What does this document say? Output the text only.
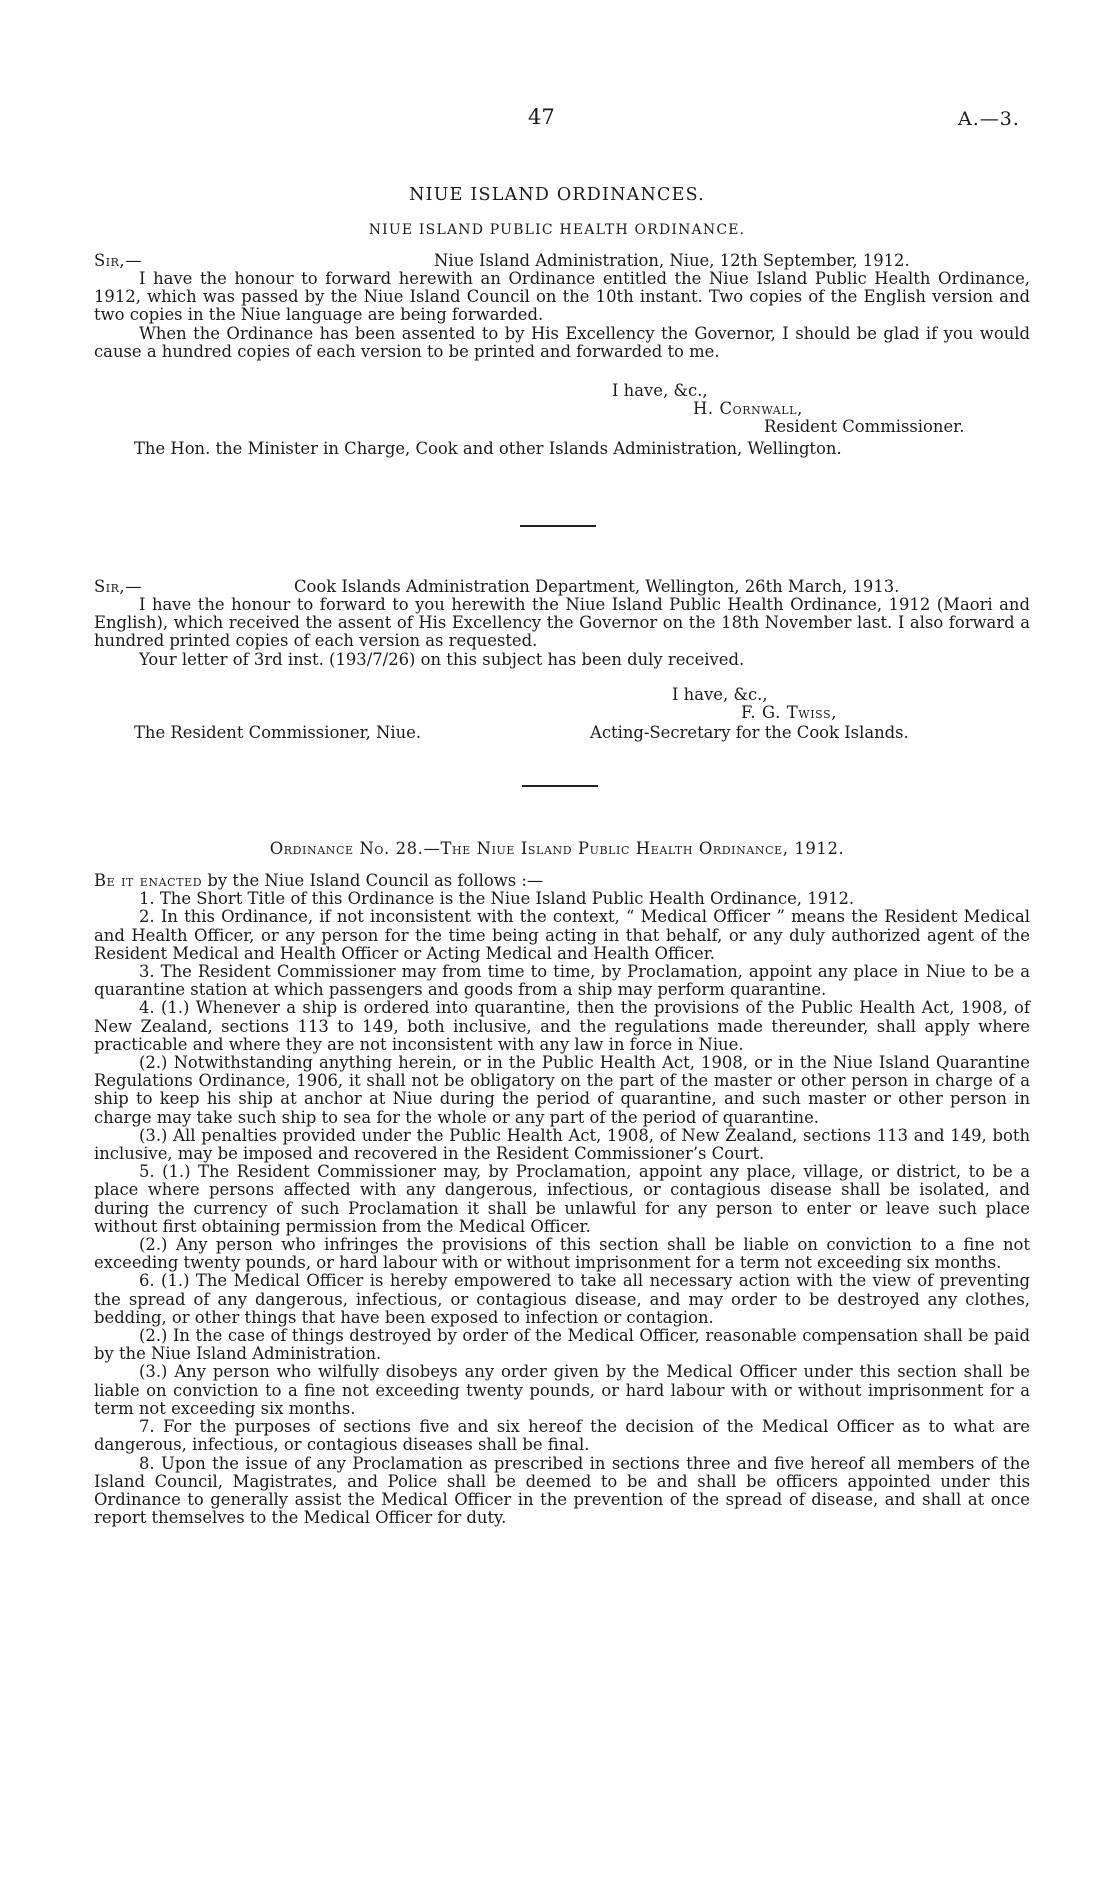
47	A.—3.
NIUE ISLAND ORDINANCES.
NIUE ISLAND PUBLIC HEALTH ORDINANCE.
Sir,—	Niue Island Administration, Niue, 12th September, 1912.

I have the honour to forward herewith an Ordinance entitled the Niue Island Public Health Ordinance, 1912, which was passed by the Niue Island Council on the 10th instant. Two copies of the English version and two copies in the Niue language are being forwarded.

When the Ordinance has been assented to by His Excellency the Governor, I should be glad if you would cause a hundred copies of each version to be printed and forwarded to me.

I have, &c.,
H. Cornwall,
Resident Commissioner.
The Hon. the Minister in Charge, Cook and other Islands Administration, Wellington.
Sir,—	Cook Islands Administration Department, Wellington, 26th March, 1913.

I have the honour to forward to you herewith the Niue Island Public Health Ordinance, 1912 (Maori and English), which received the assent of His Excellency the Governor on the 18th November last. I also forward a hundred printed copies of each version as requested.

Your letter of 3rd inst. (193/7/26) on this subject has been duly received.

I have, &c.,
F. G. Twiss,
The Resident Commissioner, Niue.	Acting-Secretary for the Cook Islands.
Ordinance No. 28.—The Niue Island Public Health Ordinance, 1912.

Be it enacted by the Niue Island Council as follows :—

1. The Short Title of this Ordinance is the Niue Island Public Health Ordinance, 1912.

2. In this Ordinance, if not inconsistent with the context, “ Medical Officer ” means the Resident Medical and Health Officer, or any person for the time being acting in that behalf, or any duly authorized agent of the Resident Medical and Health Officer or Acting Medical and Health Officer.

3. The Resident Commissioner may from time to time, by Proclamation, appoint any place in Niue to be a quarantine station at which passengers and goods from a ship may perform quarantine.

4. (1.) Whenever a ship is ordered into quarantine, then the provisions of the Public Health Act, 1908, of New Zealand, sections 113 to 149, both inclusive, and the regulations made thereunder, shall apply where practicable and where they are not inconsistent with any law in force in Niue.

(2.) Notwithstanding anything herein, or in the Public Health Act, 1908, or in the Niue Island Quarantine Regulations Ordinance, 1906, it shall not be obligatory on the part of the master or other person in charge of a ship to keep his ship at anchor at Niue during the period of quarantine, and such master or other person in charge may take such ship to sea for the whole or any part of the period of quarantine.

(3.) All penalties provided under the Public Health Act, 1908, of New Zealand, sections 113 and 149, both inclusive, may be imposed and recovered in the Resident Commissioner’s Court.

5. (1.) The Resident Commissioner may, by Proclamation, appoint any place, village, or district, to be a place where persons affected with any dangerous, infectious, or contagious disease shall be isolated, and during the currency of such Proclamation it shall be unlawful for any person to enter or leave such place without first obtaining permission from the Medical Officer.

(2.) Any person who infringes the provisions of this section shall be liable on conviction to a fine not exceeding twenty pounds, or hard labour with or without imprisonment for a term not exceeding six months.

6. (1.) The Medical Officer is hereby empowered to take all necessary action with the view of preventing the spread of any dangerous, infectious, or contagious disease, and may order to be destroyed any clothes, bedding, or other things that have been exposed to infection or contagion.

(2.) In the case of things destroyed by order of the Medical Officer, reasonable compensation shall be paid by the Niue Island Administration.

(3.) Any person who wilfully disobeys any order given by the Medical Officer under this section shall be liable on conviction to a fine not exceeding twenty pounds, or hard labour with or without imprisonment for a term not exceeding six months.

7. For the purposes of sections five and six hereof the decision of the Medical Officer as to what are dangerous, infectious, or contagious diseases shall be final.

8. Upon the issue of any Proclamation as prescribed in sections three and five hereof all members of the Island Council, Magistrates, and Police shall be deemed to be and shall be officers appointed under this Ordinance to generally assist the Medical Officer in the prevention of the spread of disease, and shall at once report themselves to the Medical Officer for duty.
